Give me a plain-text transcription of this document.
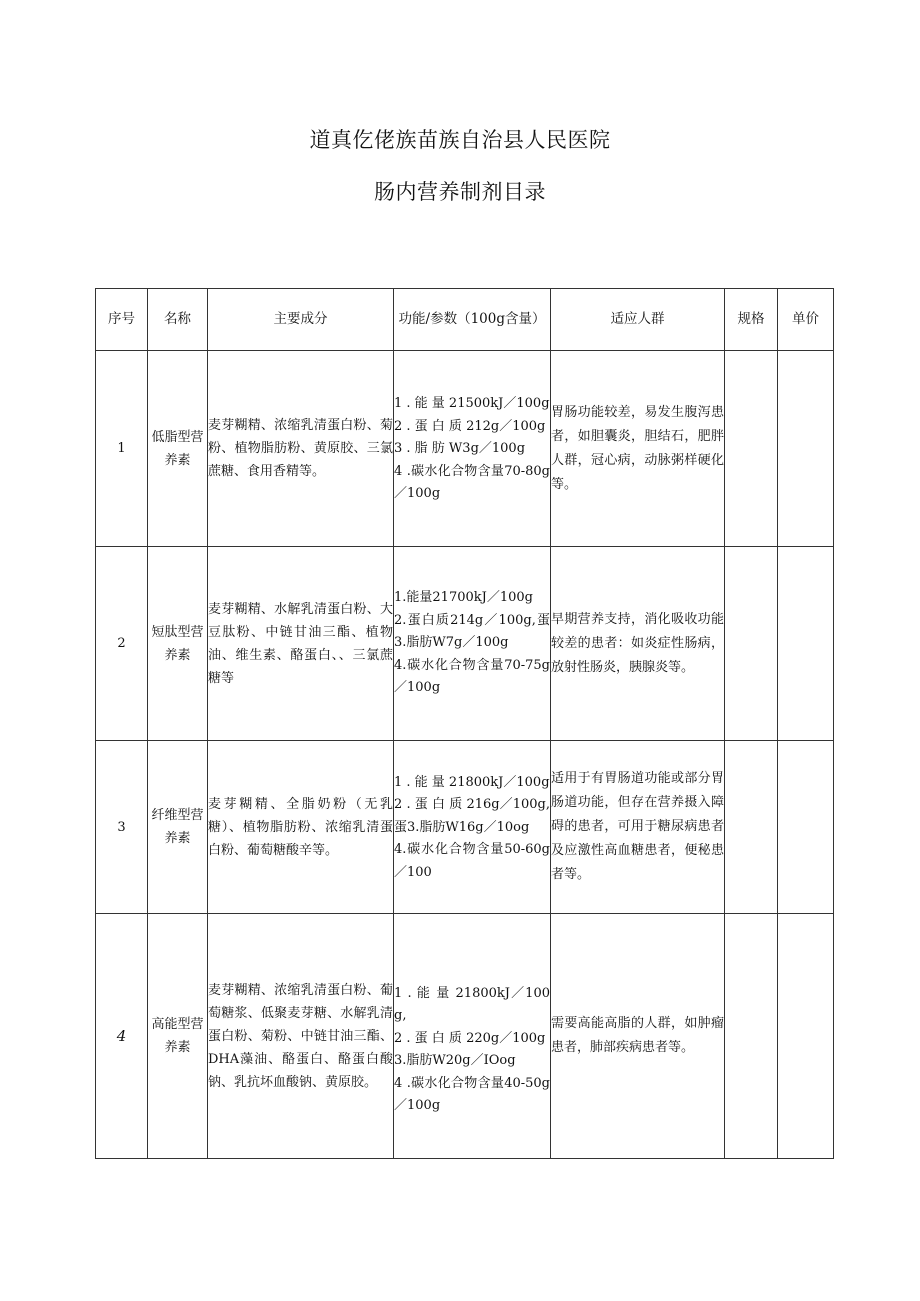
道真仡佬族苗族自治县人民医院
肠内营养制剂目录
序号	名称	主要成分	功能/参数（100g含量）	适应人群	规格	单价
1	低脂型营养素	麦芽糊精、浓缩乳清蛋白粉、菊粉、植物脂肪粉、黄原胶、三氯蔗糖、食用香精等。	1 . 能 量 21500kJ／100g
2 . 蛋 白 质 212g／100g
3 . 脂 肪 W3g／100g
4 .碳水化合物含量70-80g／100g	胃肠功能较差，易发生腹泻患者，如胆囊炎，胆结石，肥胖人群，冠心病，动脉粥样硬化等。		
2	短肽型营养素	麦芽糊精、水解乳清蛋白粉、大豆肽粉、中链甘油三酯、植物油、维生素、酪蛋白、、三氯蔗糖等	1.能量21700kJ／100g
2.蛋白质214g／100g,蛋3.脂肪W7g／100g
4.碳水化合物含量70-75g／100g	早期营养支持，消化吸收功能较差的患者：如炎症性肠病，放射性肠炎，胰腺炎等。		
3	纤维型营养素	麦芽糊精、全脂奶粉（无乳糖）、植物脂肪粉、浓缩乳清蛋白粉、葡萄糖酸辛等。	1 . 能 量 21800kJ／100g
2 . 蛋 白 质 216g／100g,蛋3.脂肪W16g／10og
4.碳水化合物含量50-60g／100	适用于有胃肠道功能或部分胃肠道功能，但存在营养摄入障碍的患者，可用于糖尿病患者及应激性高血糖患者，便秘患者等。		
4	高能型营养素	麦芽糊精、浓缩乳清蛋白粉、葡萄糖浆、低聚麦芽糖、水解乳清蛋白粉、菊粉、中链甘油三酯、DHA藻油、酪蛋白、酪蛋白酸钠、乳抗坏血酸钠、黄原胶。	1 . 能 量 21800kJ／100g,
2 . 蛋 白 质 220g／100g
3.脂肪W20g／IOog
4 .碳水化合物含量40-50g／100g	需要高能高脂的人群，如肿瘤患者，肺部疾病患者等。		
